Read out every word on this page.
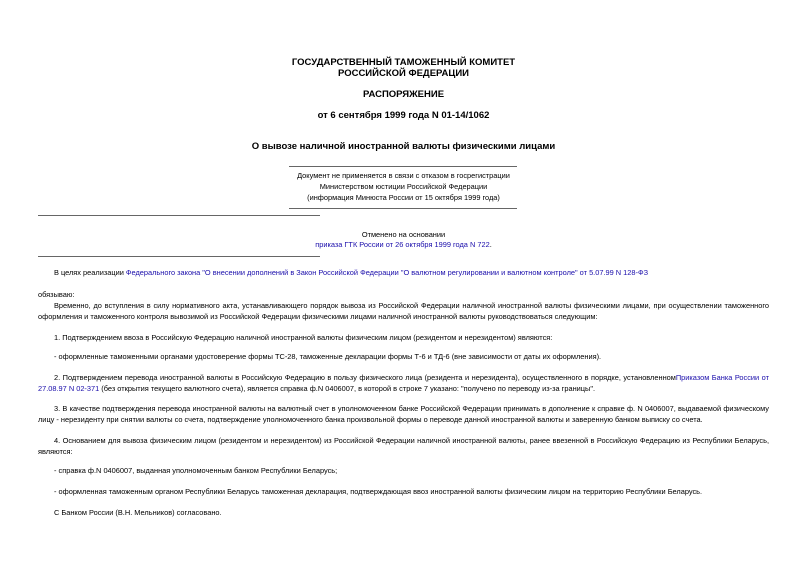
ГОСУДАРСТВЕННЫЙ ТАМОЖЕННЫЙ КОМИТЕТ
РОССИЙСКОЙ ФЕДЕРАЦИИ
РАСПОРЯЖЕНИЕ
от 6 сентября 1999 года N 01-14/1062
О вывозе наличной иностранной валюты физическими лицами
Документ не применяется в связи с отказом в госрегистрации
Министерством юстиции Российской Федерации
(информация Минюста России от 15 октября 1999 года)
Отменено на основании
приказа ГТК России от 26 октября 1999 года N 722.
В целях реализации Федерального закона "О внесении дополнений в Закон Российской Федерации "О валютном регулировании и валютном контроле" от 5.07.99 N 128-ФЗ
обязываю:
Временно, до вступления в силу нормативного акта, устанавливающего порядок вывоза из Российской Федерации наличной иностранной валюты физическими лицами, при осуществлении таможенного оформления и таможенного контроля вывозимой из Российской Федерации физическими лицами наличной иностранной валюты руководствоваться следующим:
1. Подтверждением ввоза в Российскую Федерацию наличной иностранной валюты физическим лицом (резидентом и нерезидентом) являются:
- оформленные таможенными органами удостоверение формы ТС-28, таможенные декларации формы Т-6 и ТД-6 (вне зависимости от даты их оформления).
2. Подтверждением перевода иностранной валюты в Российскую Федерацию в пользу физического лица (резидента и нерезидента), осуществленного в порядке, установленномПриказом Банка России от 27.08.97 N 02-371 (без открытия текущего валютного счета), является справка ф.N 0406007, в которой в строке 7 указано: "получено по переводу из-за границы".
3. В качестве подтверждения перевода иностранной валюты на валютный счет в уполномоченном банке Российской Федерации принимать в дополнение к справке ф. N 0406007, выдаваемой физическому лицу - нерезиденту при снятии валюты со счета, подтверждение уполномоченного банка произвольной формы о переводе данной иностранной валюты и заверенную банком выписку со счета.
4. Основанием для вывоза физическим лицом (резидентом и нерезидентом) из Российской Федерации наличной иностранной валюты, ранее ввезенной в Российскую Федерацию из Республики Беларусь, являются:
- справка ф.N 0406007, выданная уполномоченным банком Республики Беларусь;
- оформленная таможенным органом Республики Беларусь таможенная декларация, подтверждающая ввоз иностранной валюты физическим лицом на территорию Республики Беларусь.
С Банком России (В.Н. Мельников) согласовано.
